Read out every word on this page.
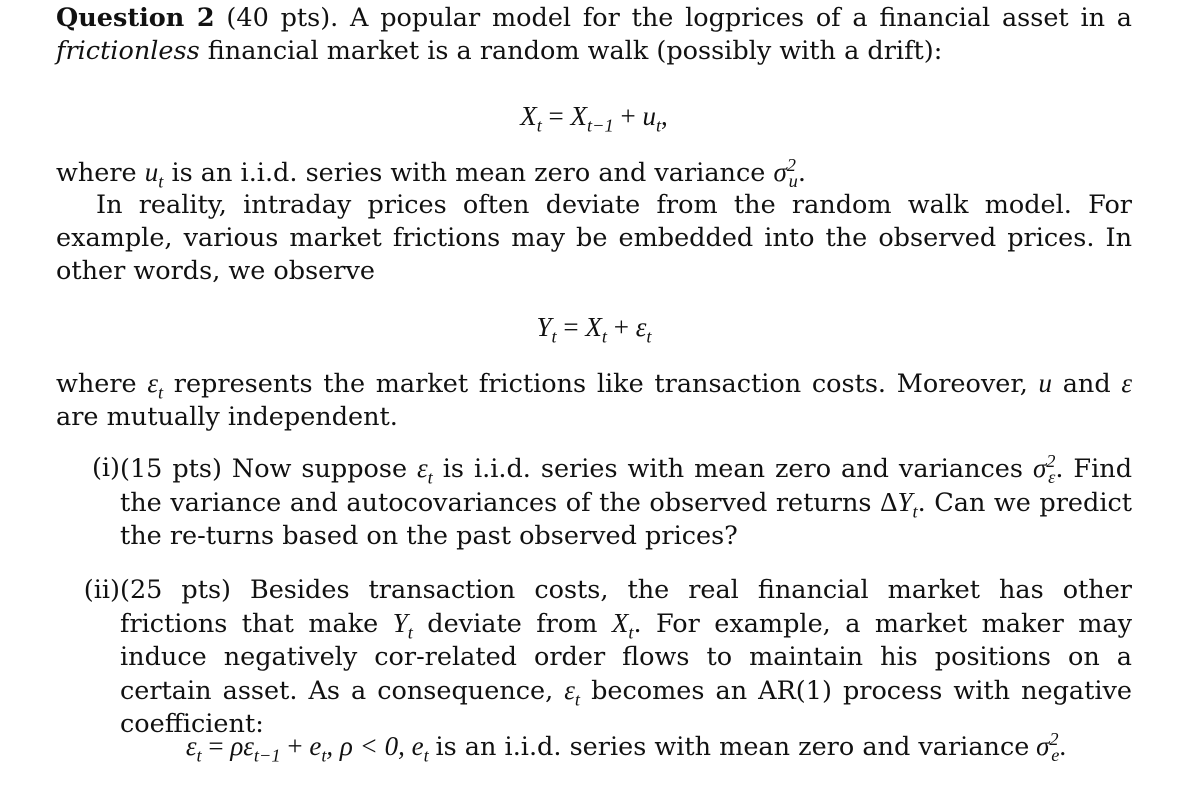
Question 2 (40 pts). A popular model for the logprices of a financial asset in a frictionless financial market is a random walk (possibly with a drift):

$X_t = X_{t-1} + u_t$,

where $u_t$ is an i.i.d. series with mean zero and variance $\sigma^2_u$.

In reality, intraday prices often deviate from the random walk model. For example, various market frictions may be embedded into the observed prices. In other words, we observe

$Y_t = X_t + \varepsilon_t$

where $\varepsilon_t$ represents the market frictions like transaction costs. Moreover, u and ε are mutually independent.

(i) (15 pts) Now suppose $\varepsilon_t$ is i.i.d. series with mean zero and variances $\sigma^2_\varepsilon$. Find the variance and autocovariances of the observed returns $\Delta Y_t$. Can we predict the re-turns based on the past observed prices?

(ii) (25 pts) Besides transaction costs, the real financial market has other frictions that make $Y_t$ deviate from $X_t$. For example, a market maker may induce negatively cor-related order flows to maintain his positions on a certain asset. As a consequence, $\varepsilon_t$ becomes an AR(1) process with negative coefficient:

$\varepsilon_t = \rho\varepsilon_{t-1} + e_t$, ρ < 0, $e_t$ is an i.i.d. series with mean zero and variance $\sigma^2_e$.
